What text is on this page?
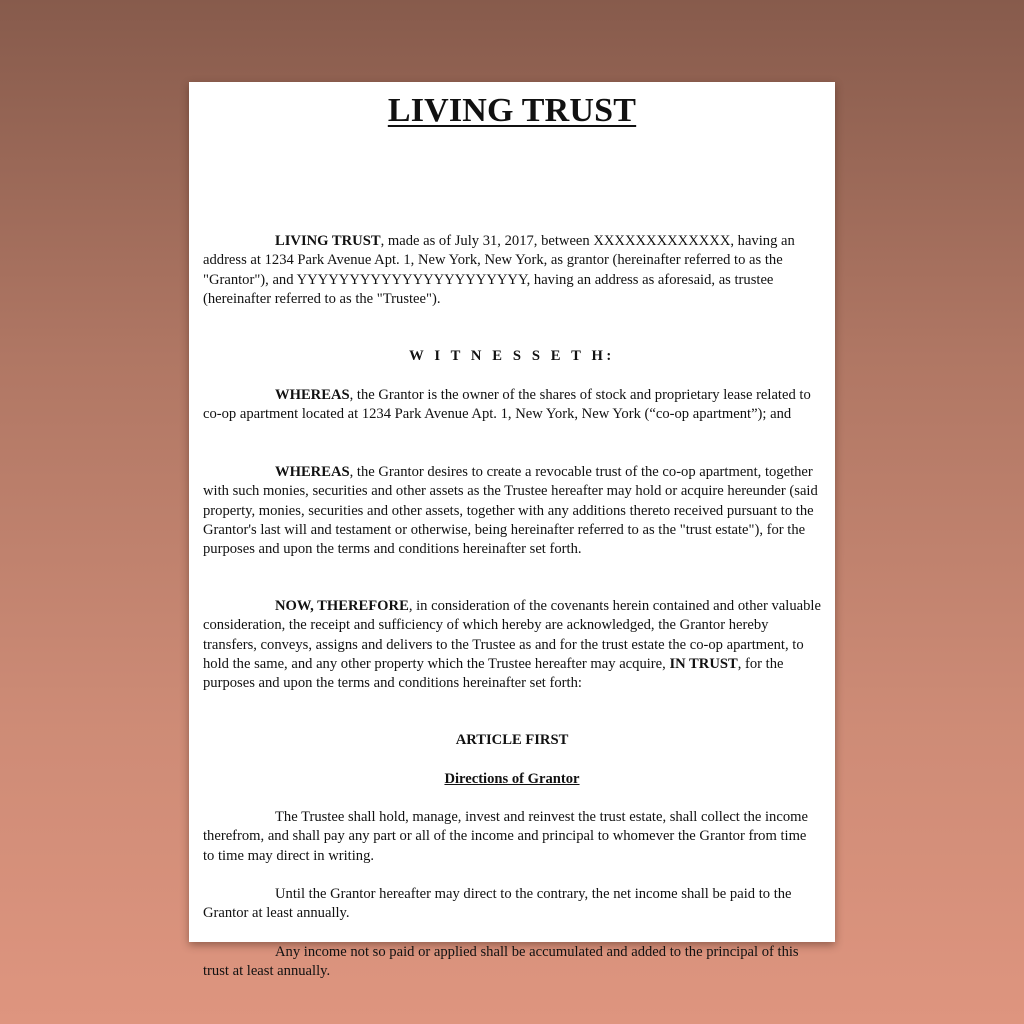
LIVING TRUST

LIVING TRUST, made as of July 31, 2017, between XXXXXXXXXXXXX, having an address at 1234 Park Avenue Apt. 1, New York, New York, as grantor (hereinafter referred to as the "Grantor"), and YYYYYYYYYYYYYYYYYYYYYY, having an address as aforesaid, as trustee (hereinafter referred to as the "Trustee").

W I T N E S S E T H:

WHEREAS, the Grantor is the owner of the shares of stock and proprietary lease related to co-op apartment located at 1234 Park Avenue Apt. 1, New York, New York (“co-op apartment”); and

WHEREAS, the Grantor desires to create a revocable trust of the co-op apartment, together with such monies, securities and other assets as the Trustee hereafter may hold or acquire hereunder (said property, monies, securities and other assets, together with any additions thereto received pursuant to the Grantor's last will and testament or otherwise, being hereinafter referred to as the "trust estate"), for the purposes and upon the terms and conditions hereinafter set forth.

NOW, THEREFORE, in consideration of the covenants herein contained and other valuable consideration, the receipt and sufficiency of which hereby are acknowledged, the Grantor hereby transfers, conveys, assigns and delivers to the Trustee as and for the trust estate the co-op apartment, to hold the same, and any other property which the Trustee hereafter may acquire, IN TRUST, for the purposes and upon the terms and conditions hereinafter set forth:

ARTICLE FIRST

Directions of Grantor

The Trustee shall hold, manage, invest and reinvest the trust estate, shall collect the income therefrom, and shall pay any part or all of the income and principal to whomever the Grantor from time to time may direct in writing.

Until the Grantor hereafter may direct to the contrary, the net income shall be paid to the Grantor at least annually.

Any income not so paid or applied shall be accumulated and added to the principal of this trust at least annually.
